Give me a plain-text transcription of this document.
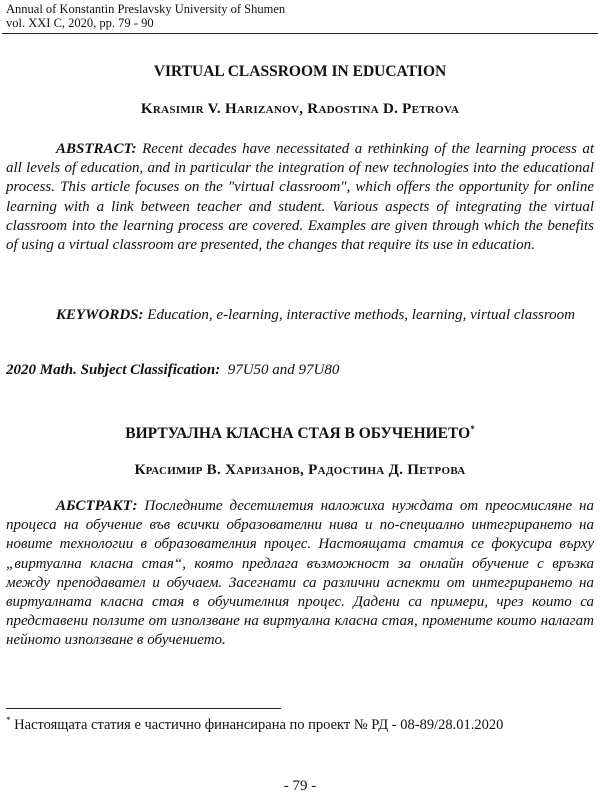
Annual of Konstantin Preslavsky University of Shumen
vol. XXI C, 2020, pp. 79 - 90
VIRTUAL CLASSROOM IN EDUCATION
Krasimir V. Harizanov, Radostina D. Petrova
ABSTRACT: Recent decades have necessitated a rethinking of the learning process at all levels of education, and in particular the integration of new technologies into the educational process. This article focuses on the "virtual classroom", which offers the opportunity for online learning with a link between teacher and student. Various aspects of integrating the virtual classroom into the learning process are covered. Examples are given through which the benefits of using a virtual classroom are presented, the changes that require its use in education.
KEYWORDS: Education, e-learning, interactive methods, learning, virtual classroom
2020 Math. Subject Classification: 97U50 and 97U80
ВИРТУАЛНА КЛАСНА СТАЯ В ОБУЧЕНИЕТО*
Красимир В. Харизанов, Радостина Д. Петрова
АБСТРАКТ: Последните десетилетия наложиха нуждата от преосмисляне на процеса на обучение във всички образователни нива и по-специално интегрирането на новите технологии в образователния процес. Настоящата статия се фокусира върху „виртуална класна стая“, която предлага възможност за онлайн обучение с връзка между преподавател и обучаем. Засегнати са различни аспекти от интегрирането на виртуалната класна стая в обучителния процес. Дадени са примери, чрез които са представени ползите от използване на виртуална класна стая, промените които налагат нейното използване в обучението.
* Настоящата статия е частично финансирана по проект № РД - 08-89/28.01.2020
- 79 -
